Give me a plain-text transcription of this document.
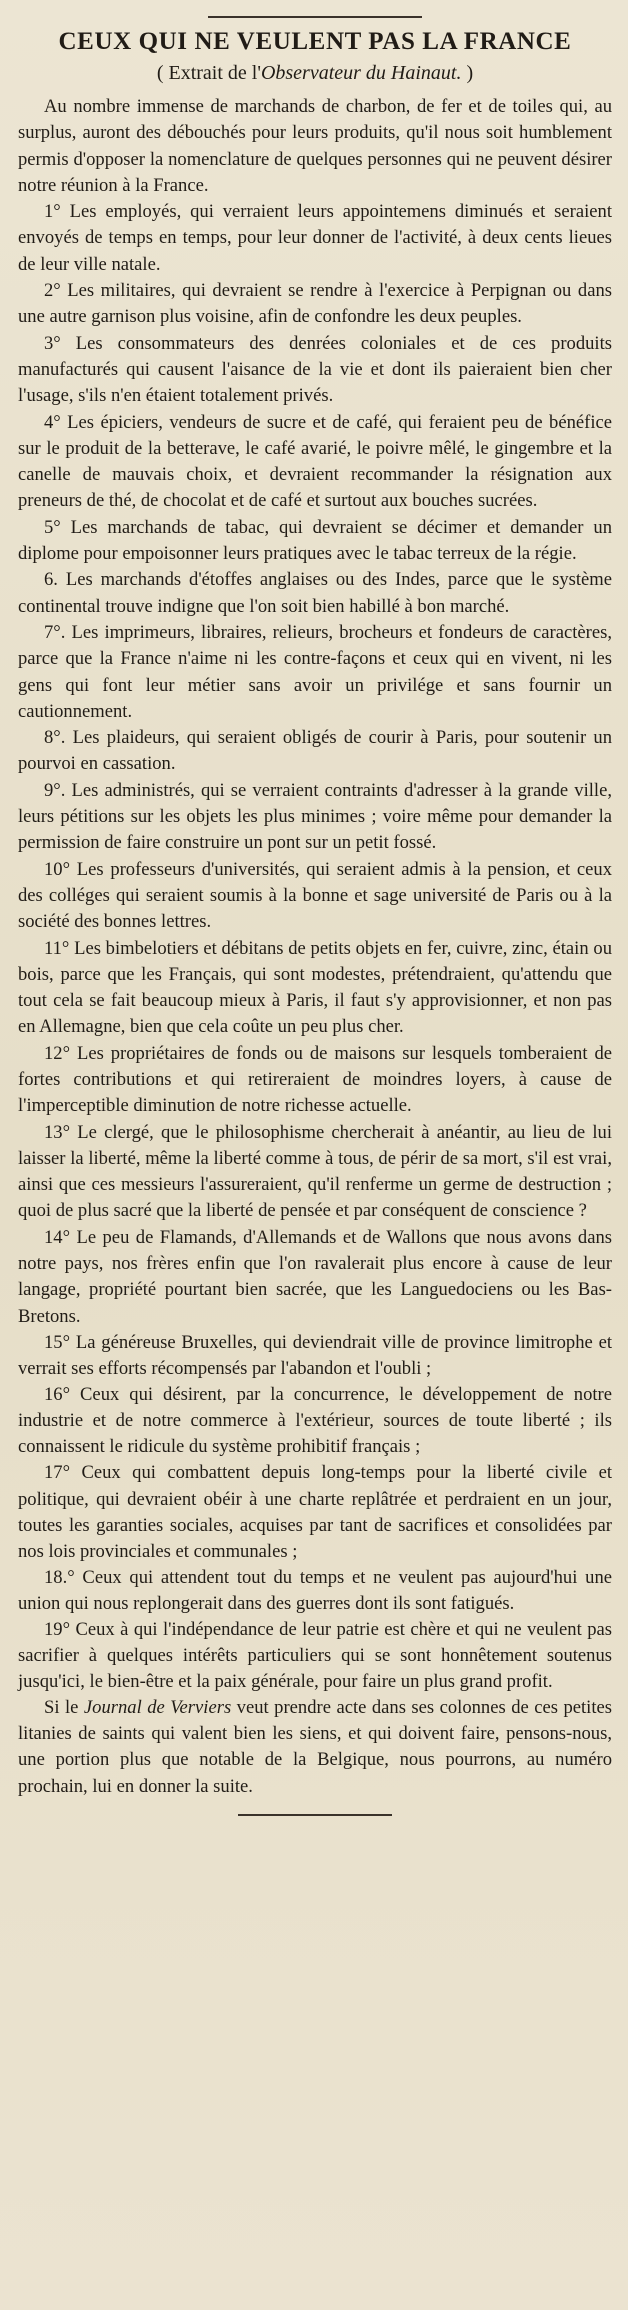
CEUX QUI NE VEULENT PAS LA FRANCE

( Extrait de l'Observateur du Hainaut. )

Au nombre immense de marchands de charbon, de fer et de toiles qui, au surplus, auront des débouchés pour leurs produits, qu'il nous soit humblement permis d'opposer la nomenclature de quelques personnes qui ne peuvent désirer notre réunion à la France.

1° Les employés, qui verraient leurs appointemens diminués et seraient envoyés de temps en temps, pour leur donner de l'activité, à deux cents lieues de leur ville natale.

2° Les militaires, qui devraient se rendre à l'exercice à Perpignan ou dans une autre garnison plus voisine, afin de confondre les deux peuples.

3° Les consommateurs des denrées coloniales et de ces produits manufacturés qui causent l'aisance de la vie et dont ils paieraient bien cher l'usage, s'ils n'en étaient totalement privés.

4° Les épiciers, vendeurs de sucre et de café, qui feraient peu de bénéfice sur le produit de la betterave, le café avarié, le poivre mêlé, le gingembre et la canelle de mauvais choix, et devraient recommander la résignation aux preneurs de thé, de chocolat et de café et surtout aux bouches sucrées.

5° Les marchands de tabac, qui devraient se décimer et demander un diplome pour empoisonner leurs pratiques avec le tabac terreux de la régie.

6. Les marchands d'étoffes anglaises ou des Indes, parce que le système continental trouve indigne que l'on soit bien habillé à bon marché.

7°. Les imprimeurs, libraires, relieurs, brocheurs et fondeurs de caractères, parce que la France n'aime ni les contre-façons et ceux qui en vivent, ni les gens qui font leur métier sans avoir un privilége et sans fournir un cautionnement.

8°. Les plaideurs, qui seraient obligés de courir à Paris, pour soutenir un pourvoi en cassation.

9°. Les administrés, qui se verraient contraints d'adresser à la grande ville, leurs pétitions sur les objets les plus minimes ; voire même pour demander la permission de faire construire un pont sur un petit fossé.

10° Les professeurs d'universités, qui seraient admis à la pension, et ceux des colléges qui seraient soumis à la bonne et sage université de Paris ou à la société des bonnes lettres.

11° Les bimbelotiers et débitans de petits objets en fer, cuivre, zinc, étain ou bois, parce que les Français, qui sont modestes, prétendraient, qu'attendu que tout cela se fait beaucoup mieux à Paris, il faut s'y approvisionner, et non pas en Allemagne, bien que cela coûte un peu plus cher.

12° Les propriétaires de fonds ou de maisons sur lesquels tomberaient de fortes contributions et qui retireraient de moindres loyers, à cause de l'imperceptible diminution de notre richesse actuelle.

13° Le clergé, que le philosophisme chercherait à anéantir, au lieu de lui laisser la liberté, même la liberté comme à tous, de périr de sa mort, s'il est vrai, ainsi que ces messieurs l'assureraient, qu'il renferme un germe de destruction ; quoi de plus sacré que la liberté de pensée et par conséquent de conscience ?

14° Le peu de Flamands, d'Allemands et de Wallons que nous avons dans notre pays, nos frères enfin que l'on ravalerait plus encore à cause de leur langage, propriété pourtant bien sacrée, que les Languedociens ou les Bas-Bretons.

15° La généreuse Bruxelles, qui deviendrait ville de province limitrophe et verrait ses efforts récompensés par l'abandon et l'oubli ;

16° Ceux qui désirent, par la concurrence, le développement de notre industrie et de notre commerce à l'extérieur, sources de toute liberté ; ils connaissent le ridicule du système prohibitif français ;

17° Ceux qui combattent depuis long-temps pour la liberté civile et politique, qui devraient obéir à une charte replâtrée et perdraient en un jour, toutes les garanties sociales, acquises par tant de sacrifices et consolidées par nos lois provinciales et communales ;

18.° Ceux qui attendent tout du temps et ne veulent pas aujourd'hui une union qui nous replongerait dans des guerres dont ils sont fatigués.

19° Ceux à qui l'indépendance de leur patrie est chère et qui ne veulent pas sacrifier à quelques intérêts particuliers qui se sont honnêtement soutenus jusqu'ici, le bien-être et la paix générale, pour faire un plus grand profit.

Si le Journal de Verviers veut prendre acte dans ses colonnes de ces petites litanies de saints qui valent bien les siens, et qui doivent faire, pensons-nous, une portion plus que notable de la Belgique, nous pourrons, au numéro prochain, lui en donner la suite.
